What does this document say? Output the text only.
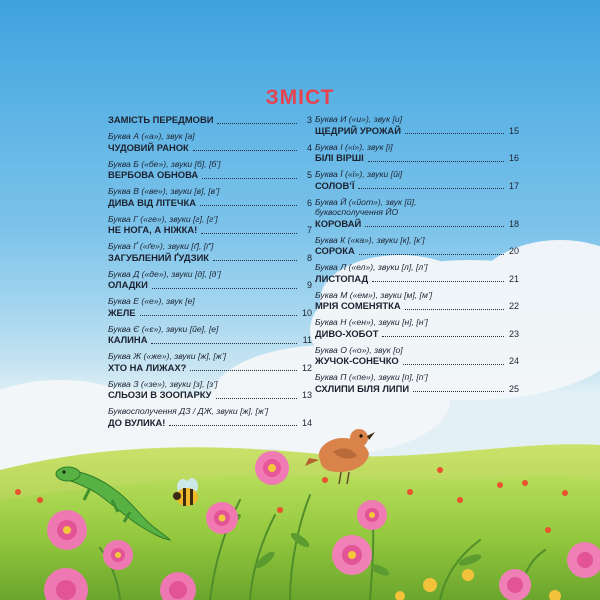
ЗМІСТ
ЗАМІСТЬ ПЕРЕДМОВИ	3
Буква А («а»), звук [а]
ЧУДОВИЙ РАНОК	4
Буква Б («бе»), звуки [б], [б’]
ВЕРБОВА ОБНОВА	5
Буква В («ве»), звуки [в], [в’]
ДИВА ВІД ЛІТЕЧКА	6
Буква Г («ге»), звуки [г], [г’]
НЕ НОГА, А НІЖКА!	7
Буква Ґ («ґе»), звуки [ґ], [ґ’]
ЗАГУБЛЕНИЙ ҐУДЗИК	8
Буква Д («де»), звуки [д], [д’]
ОЛАДКИ	9
Буква Е («е»), звук [е]
ЖЕЛЕ	10
Буква Є («є»), звуки [йе], [е]
КАЛИНА	11
Буква Ж («же»), звуки [ж], [ж’]
ХТО НА ЛИЖАХ?	12
Буква З («зе»), звуки [з], [з’]
СЛЬОЗИ В ЗООПАРКУ	13
Буквосполучення ДЗ / ДЖ, звуки [ж], [ж’]
ДО ВУЛИКА!	14
Буква И («и»), звук [и]
ЩЕДРИЙ УРОЖАЙ	15
Буква І («і»), звук [і]
БІЛІ ВІРШІ	16
Буква Ї («ї»), звуки [йі]
СОЛОВ’Ї	17
Буква Й («йот»), звук [й],
буквосполучення ЙО
КОРОВАЙ	18
Буква К («ка»), звуки [к], [к’]
СОРОКА	20
Буква Л («ел»), звуки [л], [л’]
ЛИСТОПАД	21
Буква М («ем»), звуки [м], [м’]
МРІЯ СОМЕНЯТКА	22
Буква Н («ен»), звуки [н], [н’]
ДИВО-ХОБОТ	23
Буква О («о»), звук [о]
ЖУЧОК-СОНЕЧКО	24
Буква П («пе»), звуки [п], [п’]
СХЛИПИ БІЛЯ ЛИПИ	25
